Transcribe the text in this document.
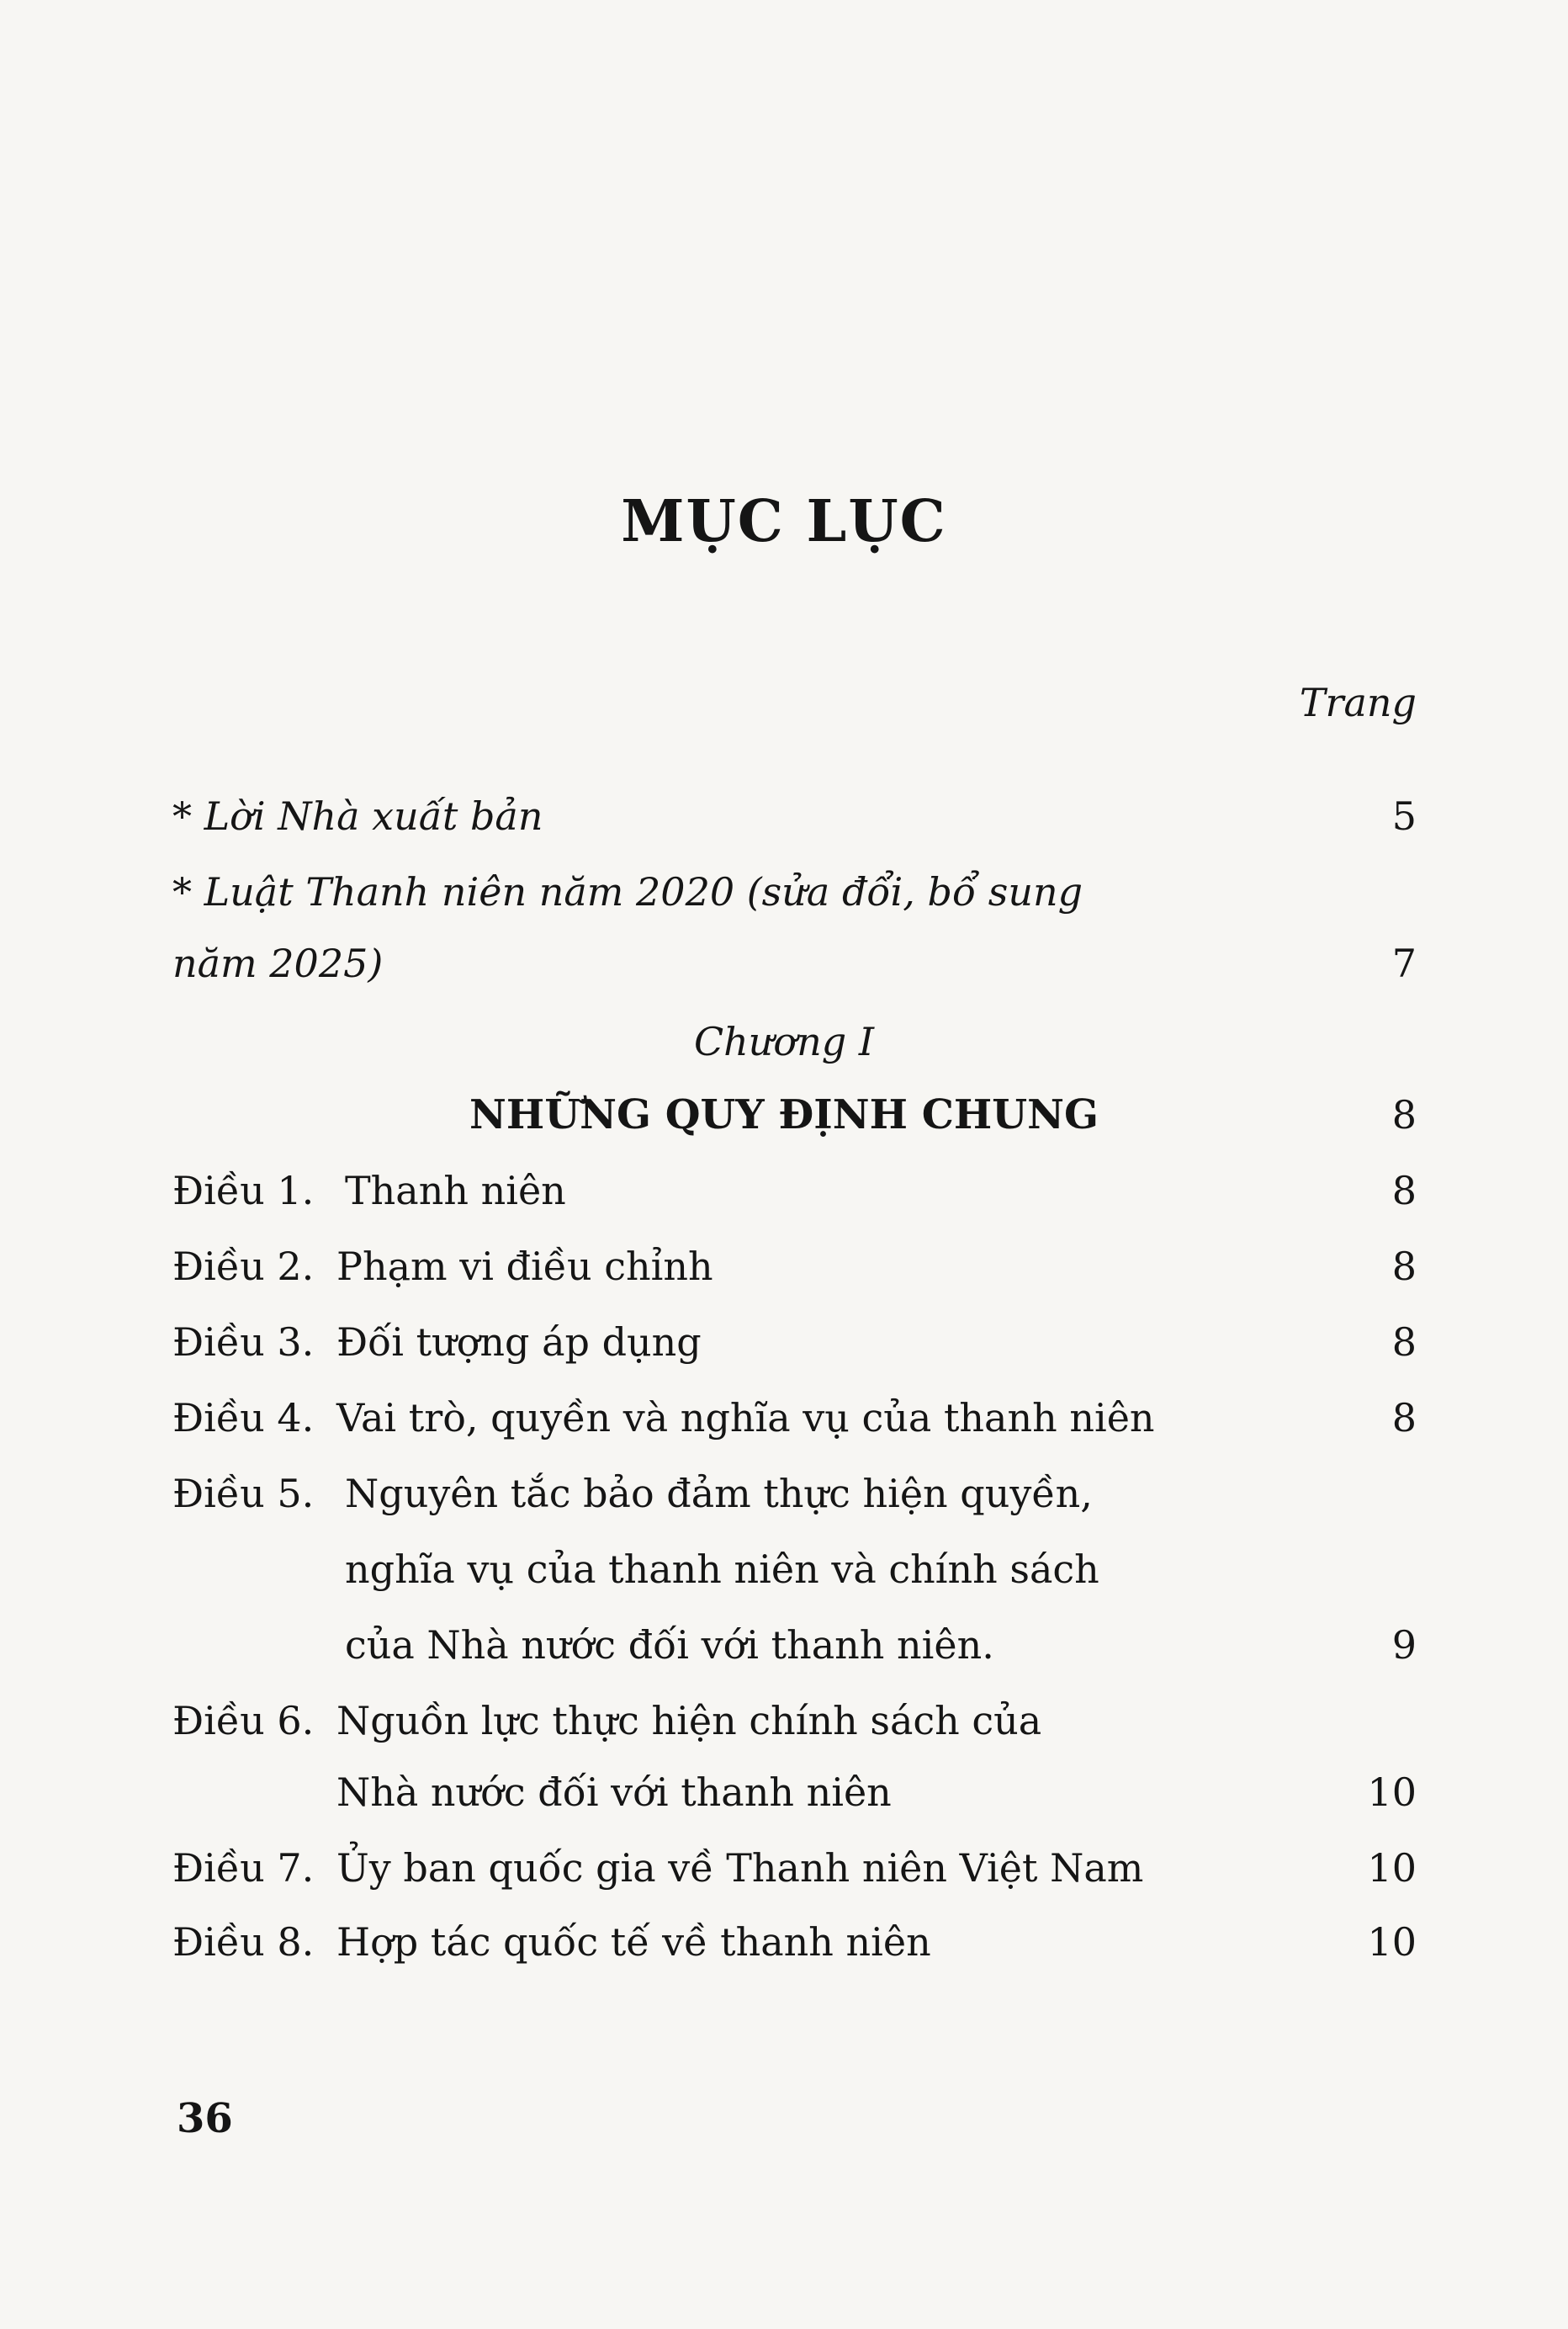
MỤC LỤC
Trang
* Lời Nhà xuất bản	5
* Luật Thanh niên năm 2020 (sửa đổi, bổ sung
năm 2025)	7
Chương I
NHỮNG QUY ĐỊNH CHUNG	8
Điều 1. Thanh niên	8
Điều 2. Phạm vi điều chỉnh	8
Điều 3. Đối tượng áp dụng	8
Điều 4. Vai trò, quyền và nghĩa vụ của thanh niên	8
Điều 5. Nguyên tắc bảo đảm thực hiện quyền,
nghĩa vụ của thanh niên và chính sách
của Nhà nước đối với thanh niên.	9
Điều 6. Nguồn lực thực hiện chính sách của
Nhà nước đối với thanh niên	10
Điều 7. Ủy ban quốc gia về Thanh niên Việt Nam	10
Điều 8. Hợp tác quốc tế về thanh niên	10
36
